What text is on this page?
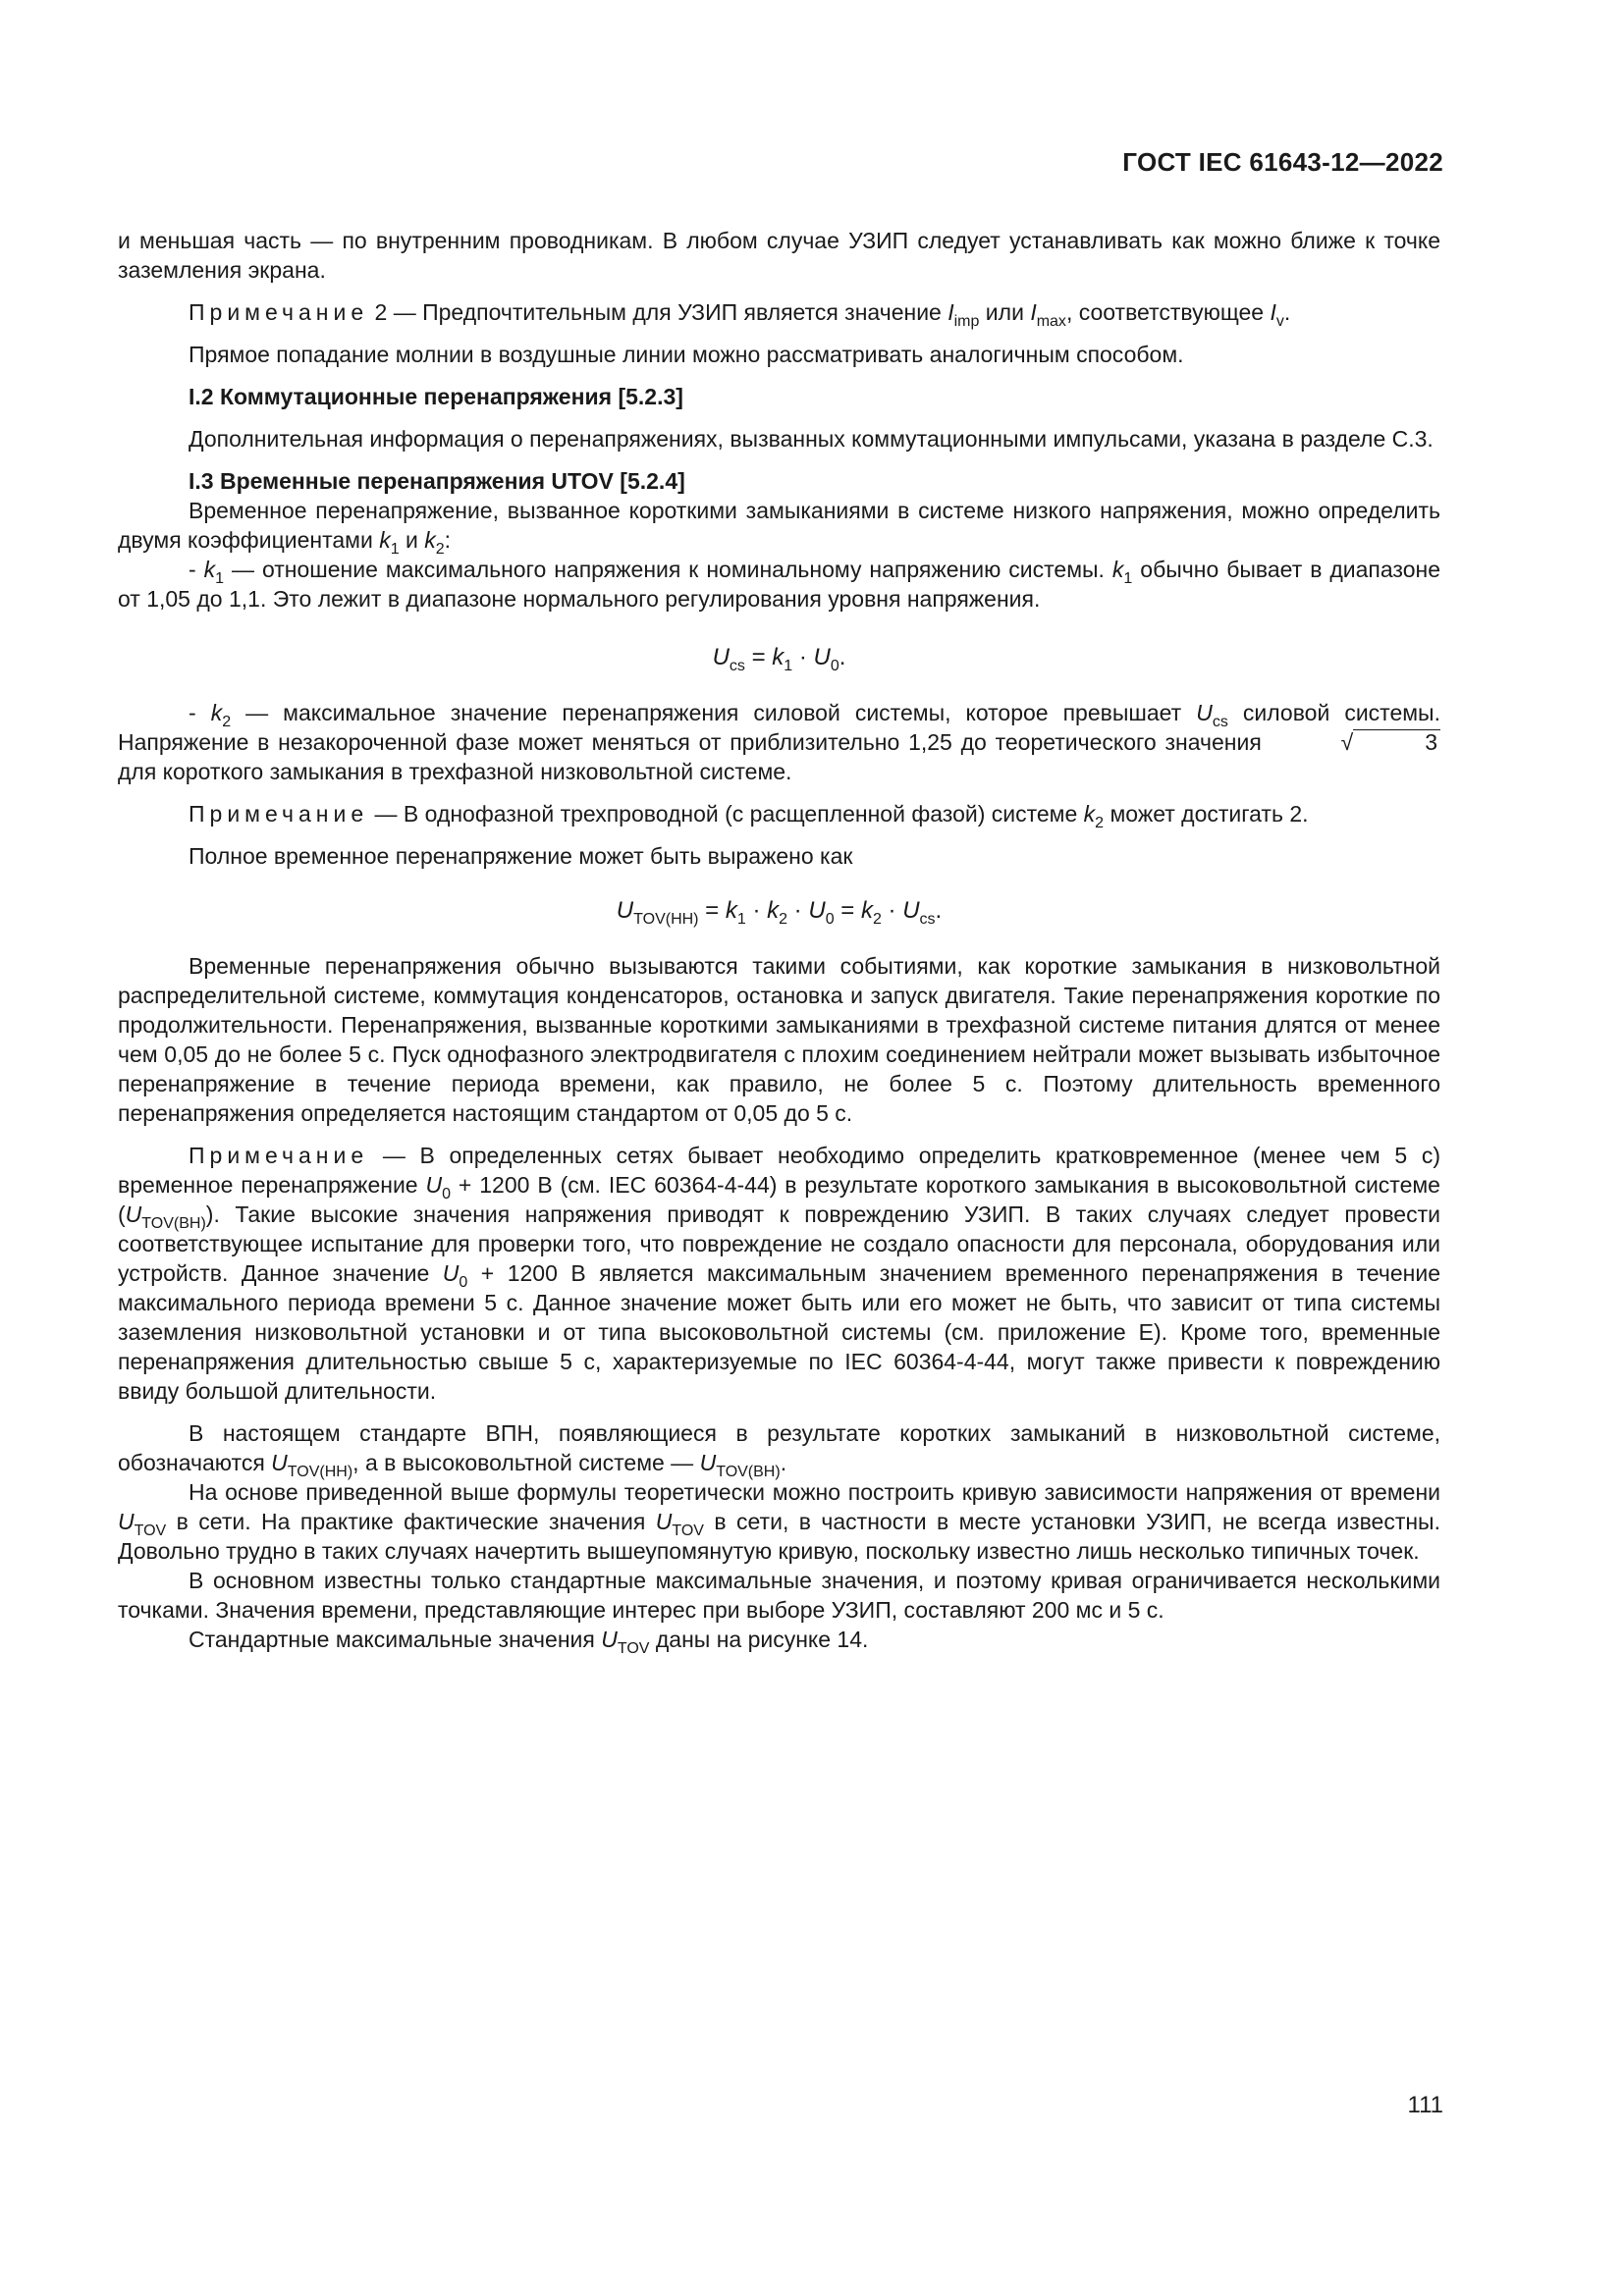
ГОСТ IEC 61643-12—2022

и меньшая часть — по внутренним проводникам. В любом случае УЗИП следует устанавливать как можно ближе к точке заземления экрана.

Примечание 2 — Предпочтительным для УЗИП является значение $I_{imp}$ или $I_{max}$, соответствующее $I_v$.

Прямое попадание молнии в воздушные линии можно рассматривать аналогичным способом.

I.2 Коммутационные перенапряжения [5.2.3]

Дополнительная информация о перенапряжениях, вызванных коммутационными импульсами, указана в разделе С.3.

I.3 Временные перенапряжения UTOV [5.2.4]

Временное перенапряжение, вызванное короткими замыканиями в системе низкого напряжения, можно определить двумя коэффициентами $k_1$ и $k_2$:

- $k_1$ — отношение максимального напряжения к номинальному напряжению системы. $k_1$ обычно бывает в диапазоне от 1,05 до 1,1. Это лежит в диапазоне нормального регулирования уровня напряжения.

$U_{cs} = k_1 \cdot U_0$.

- $k_2$ — максимальное значение перенапряжения силовой системы, которое превышает $U_{cs}$ силовой системы. Напряжение в незакороченной фазе может меняться от приблизительно 1,25 до теоретического значения	√	3 для короткого замыкания в трехфазной низковольтной системе.

Примечание — В однофазной трехпроводной (с расщепленной фазой) системе $k_2$ может достигать 2.

Полное временное перенапряжение может быть выражено как

$U_{TOV(HH)} = k_1 \cdot k_2 \cdot U_0 = k_2 \cdot U_{cs}$.

Временные перенапряжения обычно вызываются такими событиями, как короткие замыкания в низковольтной распределительной системе, коммутация конденсаторов, остановка и запуск двигателя. Такие перенапряжения короткие по продолжительности. Перенапряжения, вызванные короткими замыканиями в трехфазной системе питания длятся от менее чем 0,05 до не более 5 с. Пуск однофазного электродвигателя с плохим соединением нейтрали может вызывать избыточное перенапряжение в течение периода времени, как правило, не более 5 с. Поэтому длительность временного перенапряжения определяется настоящим стандартом от 0,05 до 5 с.

Примечание — В определенных сетях бывает необходимо определить кратковременное (менее чем 5 с) временное перенапряжение $U_0 + 1200$ В (см. IEC 60364-4-44) в результате короткого замыкания в высоковольтной системе $(U_{TOV(BH)})$. Такие высокие значения напряжения приводят к повреждению УЗИП. В таких случаях следует провести соответствующее испытание для проверки того, что повреждение не создало опасности для персонала, оборудования или устройств. Данное значение $U_0 + 1200$ В является максимальным значением временного перенапряжения в течение максимального периода времени 5 с. Данное значение может быть или его может не быть, что зависит от типа системы заземления низковольтной установки и от типа высоковольтной системы (см. приложение Е). Кроме того, временные перенапряжения длительностью свыше 5 с, характеризуемые по IEC 60364-4-44, могут также привести к повреждению ввиду большой длительности.

В настоящем стандарте ВПН, появляющиеся в результате коротких замыканий в низковольтной системе, обозначаются $U_{TOV(HH)}$, а в высоковольтной системе — $U_{TOV(BH)}$.

На основе приведенной выше формулы теоретически можно построить кривую зависимости напряжения от времени $U_{TOV}$ в сети. На практике фактические значения $U_{TOV}$ в сети, в частности в месте установки УЗИП, не всегда известны. Довольно трудно в таких случаях начертить вышеупомянутую кривую, поскольку известно лишь несколько типичных точек.

В основном известны только стандартные максимальные значения, и поэтому кривая ограничивается несколькими точками. Значения времени, представляющие интерес при выборе УЗИП, составляют 200 мс и 5 с.

Стандартные максимальные значения $U_{TOV}$ даны на рисунке 14.

111
